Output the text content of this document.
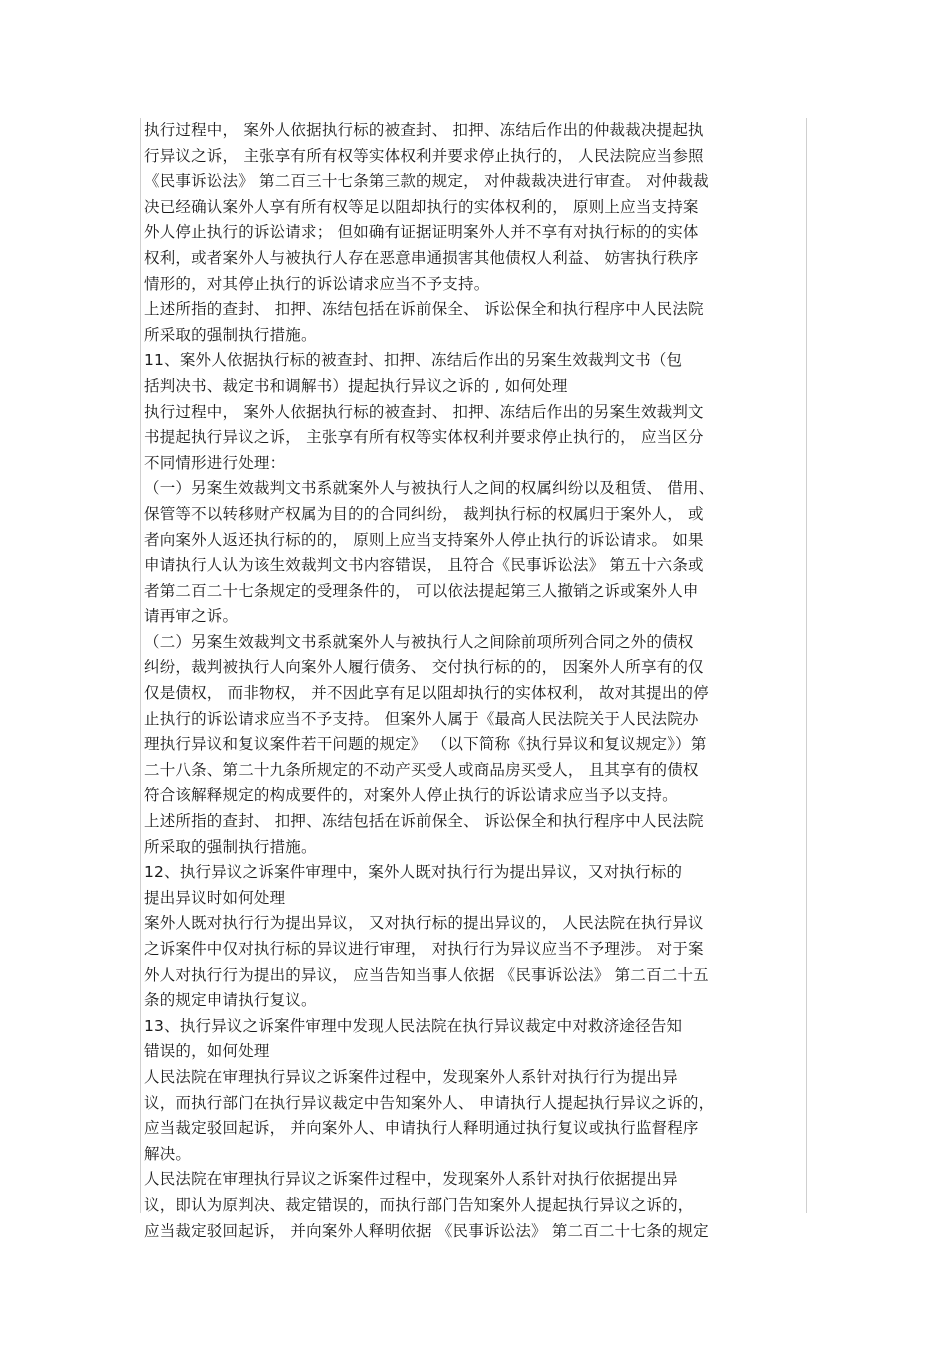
执行过程中， 案外人依据执行标的被查封、 扣押、冻结后作出的仲裁裁决提起执
行异议之诉， 主张享有所有权等实体权利并要求停止执行的， 人民法院应当参照
《民事诉讼法》 第二百三十七条第三款的规定， 对仲裁裁决进行审查。 对仲裁裁
决已经确认案外人享有所有权等足以阻却执行的实体权利的， 原则上应当支持案
外人停止执行的诉讼请求； 但如确有证据证明案外人并不享有对执行标的的实体
权利，或者案外人与被执行人存在恶意串通损害其他债权人利益、 妨害执行秩序
情形的，对其停止执行的诉讼请求应当不予支持。
上述所指的查封、 扣押、冻结包括在诉前保全、 诉讼保全和执行程序中人民法院
所采取的强制执行措施。
11、案外人依据执行标的被查封、扣押、冻结后作出的另案生效裁判文书（包
括判决书、裁定书和调解书）提起执行异议之诉的 , 如何处理
执行过程中， 案外人依据执行标的被查封、 扣押、冻结后作出的另案生效裁判文
书提起执行异议之诉， 主张享有所有权等实体权利并要求停止执行的， 应当区分
不同情形进行处理：
（一）另案生效裁判文书系就案外人与被执行人之间的权属纠纷以及租赁、 借用、
保管等不以转移财产权属为目的的合同纠纷， 裁判执行标的权属归于案外人， 或
者向案外人返还执行标的的， 原则上应当支持案外人停止执行的诉讼请求。 如果
申请执行人认为该生效裁判文书内容错误， 且符合《民事诉讼法》 第五十六条或
者第二百二十七条规定的受理条件的， 可以依法提起第三人撤销之诉或案外人申
请再审之诉。
（二）另案生效裁判文书系就案外人与被执行人之间除前项所列合同之外的债权
纠纷，裁判被执行人向案外人履行债务、 交付执行标的的， 因案外人所享有的仅
仅是债权， 而非物权， 并不因此享有足以阻却执行的实体权利， 故对其提出的停
止执行的诉讼请求应当不予支持。 但案外人属于《最高人民法院关于人民法院办
理执行异议和复议案件若干问题的规定》 （以下简称《执行异议和复议规定》）第
二十八条、第二十九条所规定的不动产买受人或商品房买受人， 且其享有的债权
符合该解释规定的构成要件的，对案外人停止执行的诉讼请求应当予以支持。
上述所指的查封、 扣押、冻结包括在诉前保全、 诉讼保全和执行程序中人民法院
所采取的强制执行措施。
12、执行异议之诉案件审理中，案外人既对执行行为提出异议，又对执行标的
提出异议时如何处理
案外人既对执行行为提出异议， 又对执行标的提出异议的， 人民法院在执行异议
之诉案件中仅对执行标的异议进行审理， 对执行行为异议应当不予理涉。 对于案
外人对执行行为提出的异议， 应当告知当事人依据 《民事诉讼法》 第二百二十五
条的规定申请执行复议。
13、执行异议之诉案件审理中发现人民法院在执行异议裁定中对救济途径告知
错误的，如何处理
人民法院在审理执行异议之诉案件过程中，发现案外人系针对执行行为提出异
议，而执行部门在执行异议裁定中告知案外人、 申请执行人提起执行异议之诉的，
应当裁定驳回起诉， 并向案外人、申请执行人释明通过执行复议或执行监督程序
解决。
人民法院在审理执行异议之诉案件过程中，发现案外人系针对执行依据提出异
议，即认为原判决、裁定错误的，而执行部门告知案外人提起执行异议之诉的，
应当裁定驳回起诉， 并向案外人释明依据 《民事诉讼法》 第二百二十七条的规定
